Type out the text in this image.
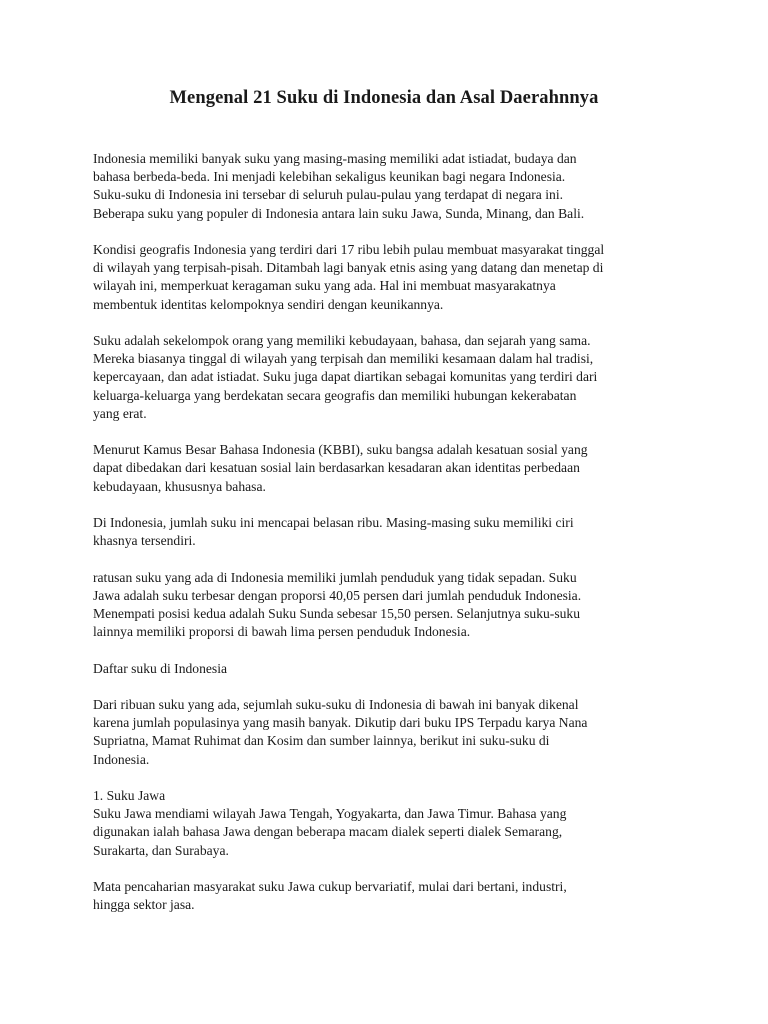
Mengenal 21 Suku di Indonesia dan Asal Daerahnnya

Indonesia memiliki banyak suku yang masing-masing memiliki adat istiadat, budaya dan
bahasa berbeda-beda. Ini menjadi kelebihan sekaligus keunikan bagi negara Indonesia.
Suku-suku di Indonesia ini tersebar di seluruh pulau-pulau yang terdapat di negara ini.
Beberapa suku yang populer di Indonesia antara lain suku Jawa, Sunda, Minang, dan Bali.

Kondisi geografis Indonesia yang terdiri dari 17 ribu lebih pulau membuat masyarakat tinggal
di wilayah yang terpisah-pisah. Ditambah lagi banyak etnis asing yang datang dan menetap di
wilayah ini, memperkuat keragaman suku yang ada. Hal ini membuat masyarakatnya
membentuk identitas kelompoknya sendiri dengan keunikannya.

Suku adalah sekelompok orang yang memiliki kebudayaan, bahasa, dan sejarah yang sama.
Mereka biasanya tinggal di wilayah yang terpisah dan memiliki kesamaan dalam hal tradisi,
kepercayaan, dan adat istiadat. Suku juga dapat diartikan sebagai komunitas yang terdiri dari
keluarga-keluarga yang berdekatan secara geografis dan memiliki hubungan kekerabatan
yang erat.

Menurut Kamus Besar Bahasa Indonesia (KBBI), suku bangsa adalah kesatuan sosial yang
dapat dibedakan dari kesatuan sosial lain berdasarkan kesadaran akan identitas perbedaan
kebudayaan, khususnya bahasa.

Di Indonesia, jumlah suku ini mencapai belasan ribu. Masing-masing suku memiliki ciri
khasnya tersendiri.

ratusan suku yang ada di Indonesia memiliki jumlah penduduk yang tidak sepadan. Suku
Jawa adalah suku terbesar dengan proporsi 40,05 persen dari jumlah penduduk Indonesia.
Menempati posisi kedua adalah Suku Sunda sebesar 15,50 persen. Selanjutnya suku-suku
lainnya memiliki proporsi di bawah lima persen penduduk Indonesia.

Daftar suku di Indonesia

Dari ribuan suku yang ada, sejumlah suku-suku di Indonesia di bawah ini banyak dikenal
karena jumlah populasinya yang masih banyak. Dikutip dari buku IPS Terpadu karya Nana
Supriatna, Mamat Ruhimat dan Kosim dan sumber lainnya, berikut ini suku-suku di
Indonesia.

1. Suku Jawa
Suku Jawa mendiami wilayah Jawa Tengah, Yogyakarta, dan Jawa Timur. Bahasa yang
digunakan ialah bahasa Jawa dengan beberapa macam dialek seperti dialek Semarang,
Surakarta, dan Surabaya.

Mata pencaharian masyarakat suku Jawa cukup bervariatif, mulai dari bertani, industri,
hingga sektor jasa.
